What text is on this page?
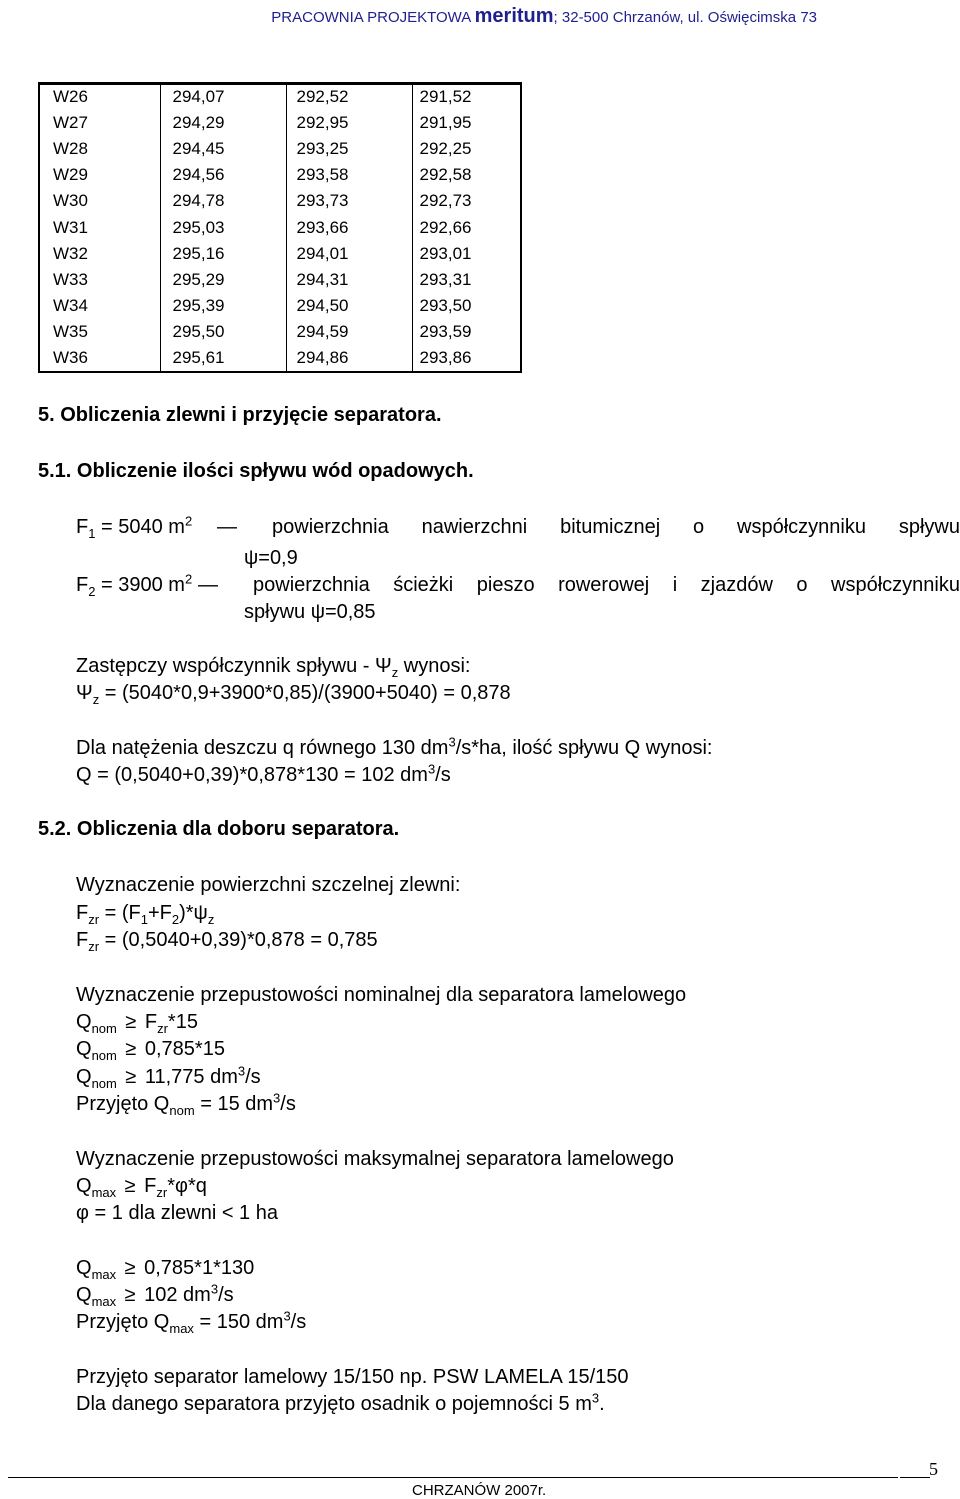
PRACOWNIA PROJEKTOWA meritum; 32-500 Chrzanów, ul. Oświęcimska 73
W26	294,07	292,52	291,52
W27	294,29	292,95	291,95
W28	294,45	293,25	292,25
W29	294,56	293,58	292,58
W30	294,78	293,73	292,73
W31	295,03	293,66	292,66
W32	295,16	294,01	293,01
W33	295,29	294,31	293,31
W34	295,39	294,50	293,50
W35	295,50	294,59	293,59
W36	295,61	294,86	293,86
5. Obliczenia zlewni i przyjęcie separatora.
5.1. Obliczenie ilości spływu wód opadowych.
$F_1 = 5040$ $m^2$ — powierzchnia nawierzchni bitumicznej o współczynniku spływu
ψ=0,9
$F_2 = 3900$ $m^2$ — powierzchnia ścieżki pieszo rowerowej i zjazdów o współczynniku
spływu ψ=0,85
Zastępczy współczynnik spływu - $\Psi_z$ wynosi:
$\Psi_z = (5040*0,9+3900*0,85)/(3900+5040) = 0,878$
Dla natężenia deszczu q równego 130 $dm^3/s*ha$, ilość spływu Q wynosi:
Q = (0,5040+0,39)*0,878*130 = 102 $dm^3/s$
5.2. Obliczenia dla doboru separatora.
Wyznaczenie powierzchni szczelnej zlewni:
$F_{zr} = (F_1+F_2)*\psi_z$
$F_{zr} = (0,5040+0,39)*0,878 = 0,785$
Wyznaczenie przepustowości nominalnej dla separatora lamelowego
$Q_{nom} \ge F_{zr}*15$
$Q_{nom} \ge 0,785*15$
$Q_{nom} \ge 11,775$ $dm^3/s$
Przyjęto $Q_{nom} = 15$ $dm^3/s$
Wyznaczenie przepustowości maksymalnej separatora lamelowego
$Q_{max} \ge F_{zr}*\varphi*q$
φ = 1 dla zlewni < 1 ha
$Q_{max} \ge 0,785*1*130$
$Q_{max} \ge 102$ $dm^3/s$
Przyjęto $Q_{max} = 150$ $dm^3/s$
Przyjęto separator lamelowy 15/150 np. PSW LAMELA 15/150
Dla danego separatora przyjęto osadnik o pojemności 5 $m^3$.
5
CHRZANÓW 2007r.
